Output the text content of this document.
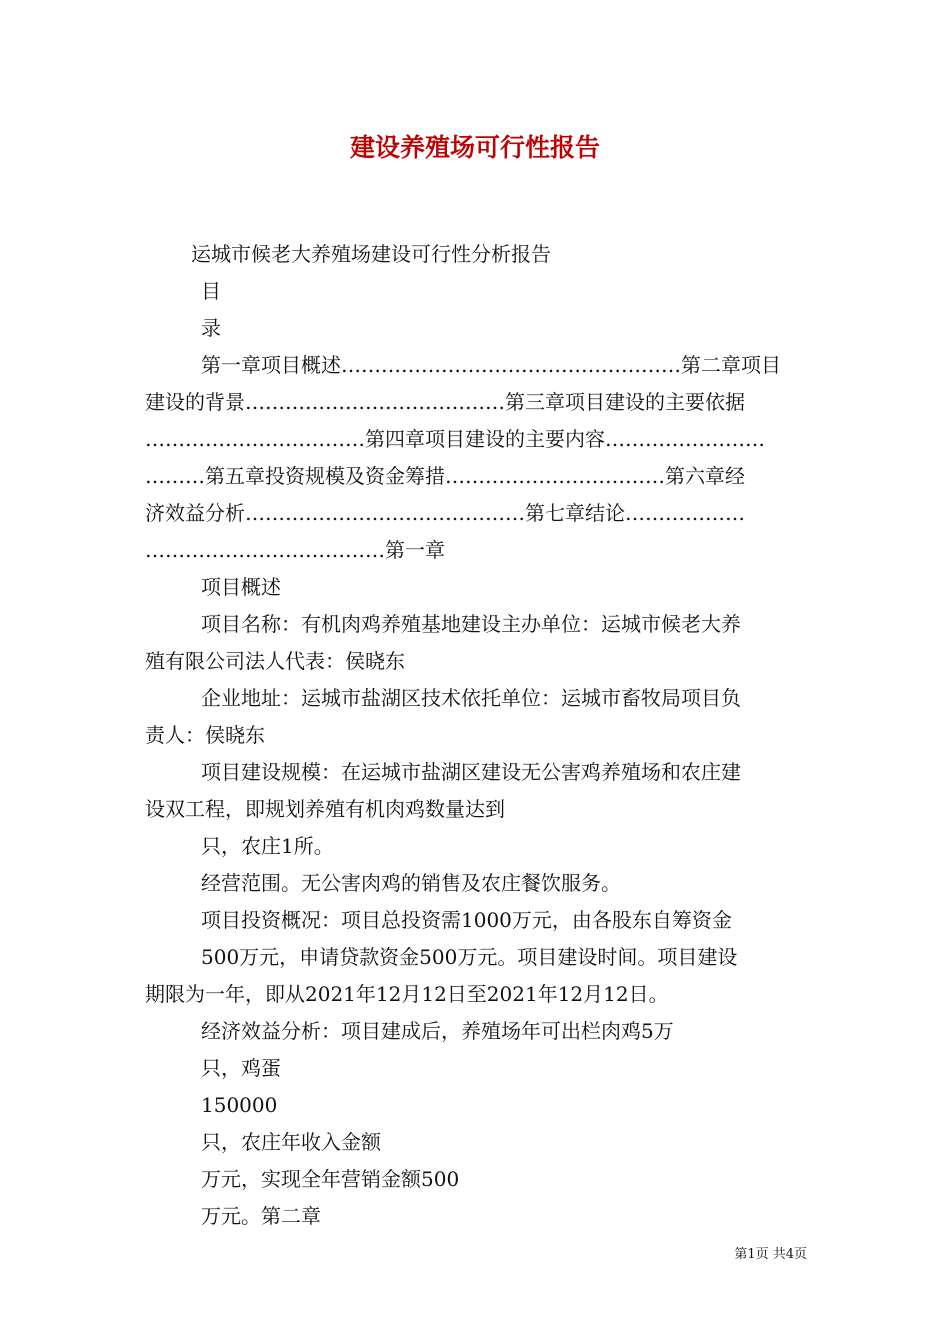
建设养殖场可行性报告

运城市候老大养殖场建设可行性分析报告

目

录

第一章项目概述……………………………………………第二章项目

建设的背景…………………………………第三章项目建设的主要依据

……………………………第四章项目建设的主要内容……………………

………第五章投资规模及资金筹措……………………………第六章经

济效益分析……………………………………第七章结论………………

………………………………第一章

项目概述

项目名称：有机肉鸡养殖基地建设主办单位：运城市候老大养

殖有限公司法人代表：侯晓东

企业地址：运城市盐湖区技术依托单位：运城市畜牧局项目负

责人：侯晓东

项目建设规模：在运城市盐湖区建设无公害鸡养殖场和农庄建

设双工程，即规划养殖有机肉鸡数量达到

只，农庄1所。

经营范围。无公害肉鸡的销售及农庄餐饮服务。

项目投资概况：项目总投资需1000万元，由各股东自筹资金

500万元，申请贷款资金500万元。项目建设时间。项目建设

期限为一年，即从2021年12月12日至2021年12月12日。

经济效益分析：项目建成后，养殖场年可出栏肉鸡5万

只，鸡蛋

150000

只，农庄年收入金额

万元，实现全年营销金额500

万元。第二章

第1页 共4页
